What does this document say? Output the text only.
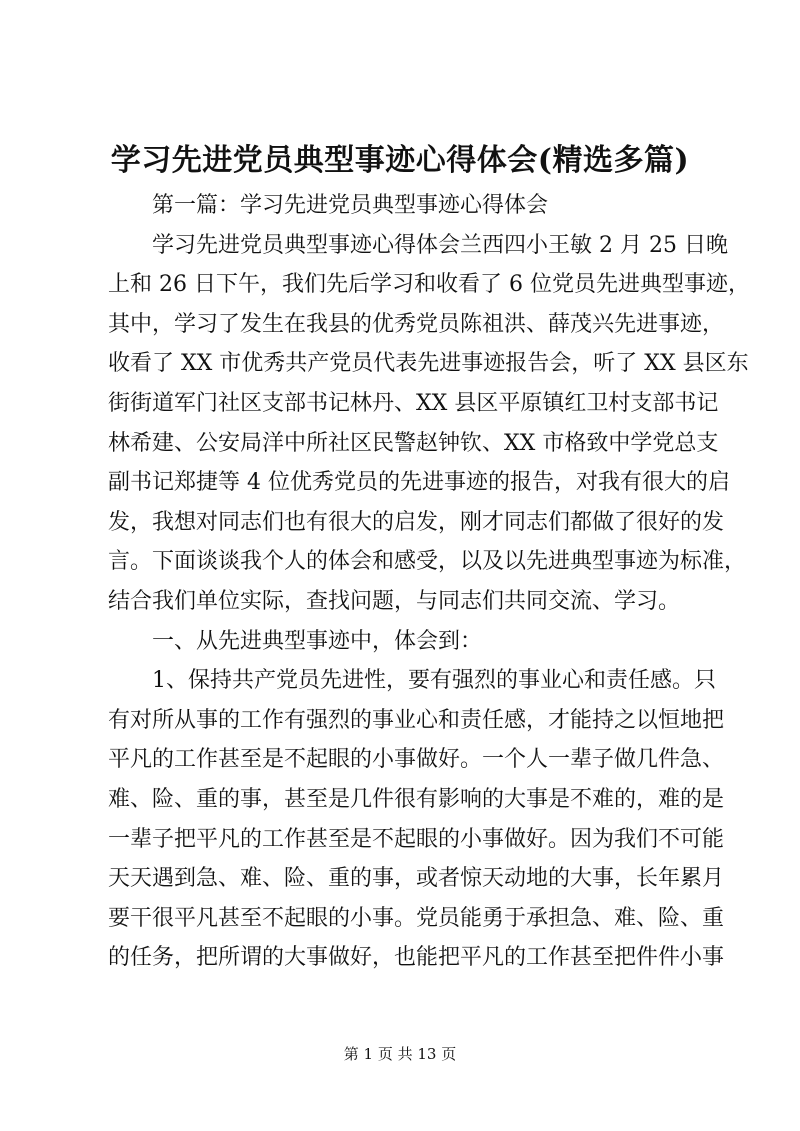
学习先进党员典型事迹心得体会(精选多篇)
第一篇：学习先进党员典型事迹心得体会
学习先进党员典型事迹心得体会兰西四小王敏 2 月 25 日晚
上和 26 日下午，我们先后学习和收看了 6 位党员先进典型事迹，
其中，学习了发生在我县的优秀党员陈祖洪、薛茂兴先进事迹，
收看了 XX 市优秀共产党员代表先进事迹报告会，听了 XX 县区东
街街道军门社区支部书记林丹、XX 县区平原镇红卫村支部书记
林希建、公安局洋中所社区民警赵钟钦、XX 市格致中学党总支
副书记郑捷等 4 位优秀党员的先进事迹的报告，对我有很大的启
发，我想对同志们也有很大的启发，刚才同志们都做了很好的发
言。下面谈谈我个人的体会和感受，以及以先进典型事迹为标准，
结合我们单位实际，查找问题，与同志们共同交流、学习。
一、从先进典型事迹中，体会到：
1、保持共产党员先进性，要有强烈的事业心和责任感。只
有对所从事的工作有强烈的事业心和责任感，才能持之以恒地把
平凡的工作甚至是不起眼的小事做好。一个人一辈子做几件急、
难、险、重的事，甚至是几件很有影响的大事是不难的，难的是
一辈子把平凡的工作甚至是不起眼的小事做好。因为我们不可能
天天遇到急、难、险、重的事，或者惊天动地的大事，长年累月
要干很平凡甚至不起眼的小事。党员能勇于承担急、难、险、重
的任务，把所谓的大事做好，也能把平凡的工作甚至把件件小事
第 1 页 共 13 页
